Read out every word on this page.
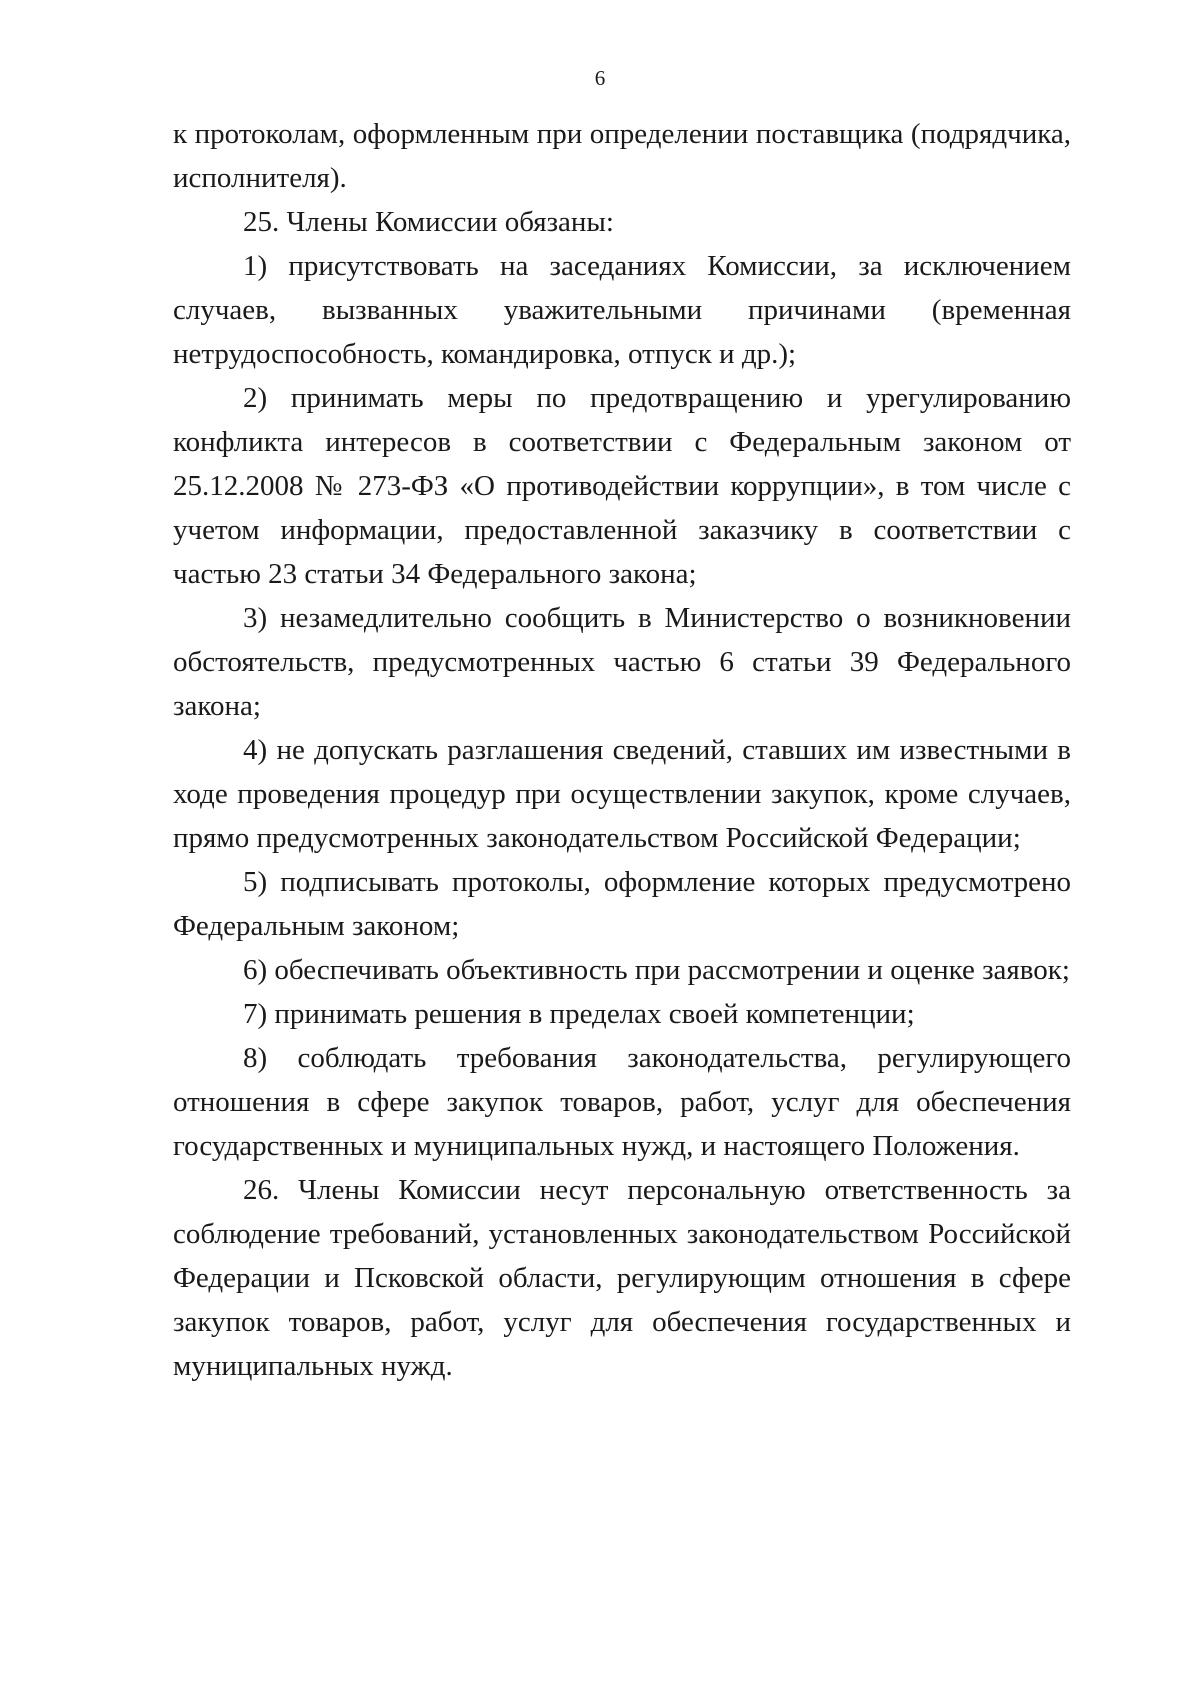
6

к протоколам, оформленным при определении поставщика (подрядчика, исполнителя).

25. Члены Комиссии обязаны:

1) присутствовать на заседаниях Комиссии, за исключением случаев, вызванных уважительными причинами (временная нетрудоспособность, командировка, отпуск и др.);

2) принимать меры по предотвращению и урегулированию конфликта интересов в соответствии с Федеральным законом от 25.12.2008 № 273-ФЗ «О противодействии коррупции», в том числе с учетом информации, предоставленной заказчику в соответствии с частью 23 статьи 34 Федерального закона;

3) незамедлительно сообщить в Министерство о возникновении обстоятельств, предусмотренных частью 6 статьи 39 Федерального закона;

4) не допускать разглашения сведений, ставших им известными в ходе проведения процедур при осуществлении закупок, кроме случаев, прямо предусмотренных законодательством Российской Федерации;

5) подписывать протоколы, оформление которых предусмотрено Федеральным законом;

6) обеспечивать объективность при рассмотрении и оценке заявок;

7) принимать решения в пределах своей компетенции;

8) соблюдать требования законодательства, регулирующего отношения в сфере закупок товаров, работ, услуг для обеспечения государственных и муниципальных нужд, и настоящего Положения.

26. Члены Комиссии несут персональную ответственность за соблюдение требований, установленных законодательством Российской Федерации и Псковской области, регулирующим отношения в сфере закупок товаров, работ, услуг для обеспечения государственных и муниципальных нужд.
